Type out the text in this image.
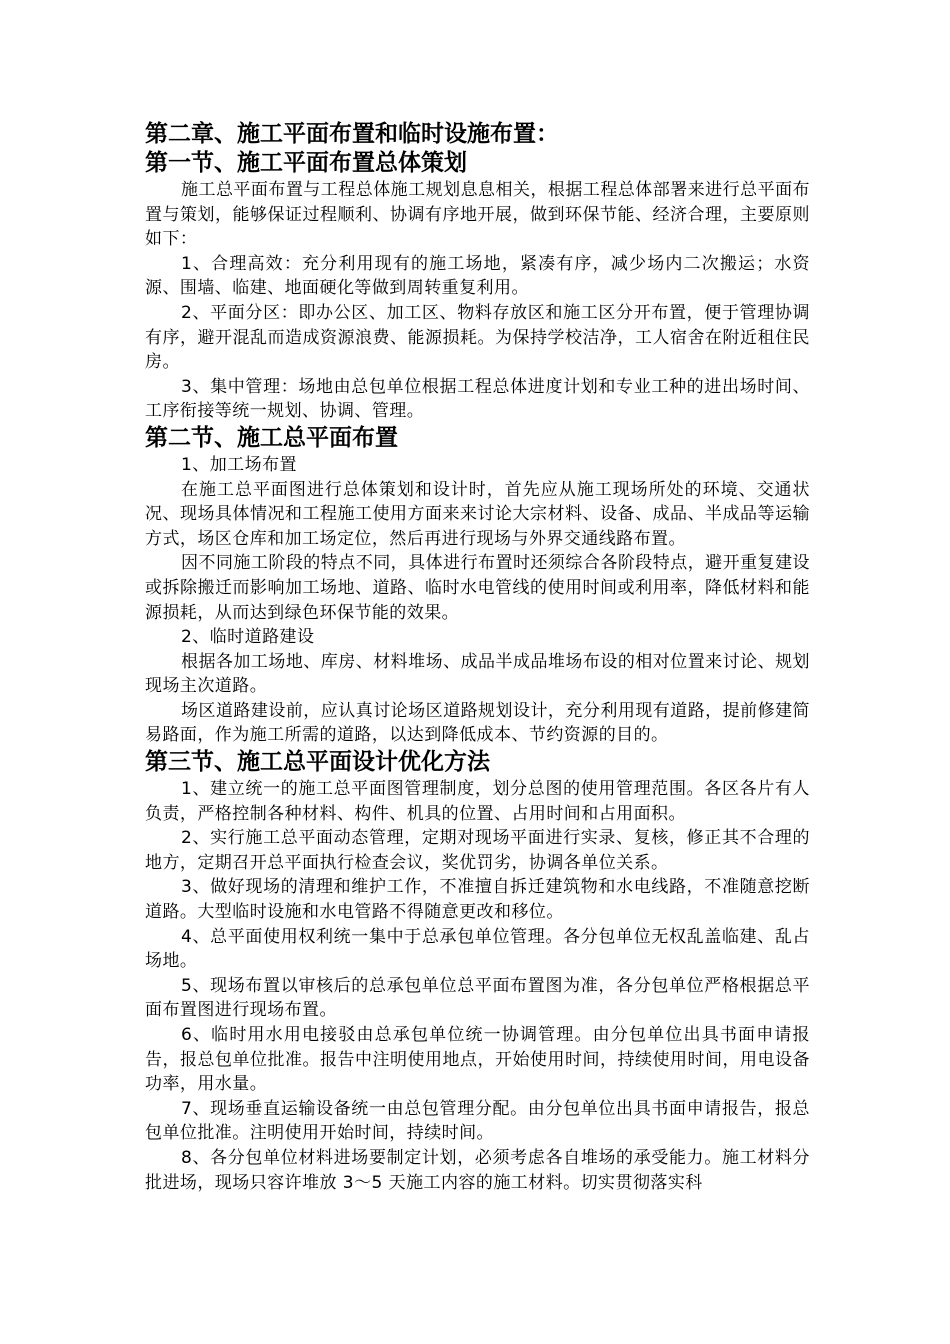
第二章、施工平面布置和临时设施布置：
第一节、施工平面布置总体策划

施工总平面布置与工程总体施工规划息息相关，根据工程总体部署来进行总平面布置与策划，能够保证过程顺利、协调有序地开展，做到环保节能、经济合理，主要原则如下：

1、合理高效：充分利用现有的施工场地，紧凑有序，减少场内二次搬运；水资源、围墙、临建、地面硬化等做到周转重复利用。

2、平面分区：即办公区、加工区、物料存放区和施工区分开布置，便于管理协调有序，避开混乱而造成资源浪费、能源损耗。为保持学校洁净，工人宿舍在附近租住民房。

3、集中管理：场地由总包单位根据工程总体进度计划和专业工种的进出场时间、工序衔接等统一规划、协调、管理。

第二节、施工总平面布置

1、加工场布置

在施工总平面图进行总体策划和设计时，首先应从施工现场所处的环境、交通状况、现场具体情况和工程施工使用方面来来讨论大宗材料、设备、成品、半成品等运输方式，场区仓库和加工场定位，然后再进行现场与外界交通线路布置。

因不同施工阶段的特点不同，具体进行布置时还须综合各阶段特点，避开重复建设或拆除搬迁而影响加工场地、道路、临时水电管线的使用时间或利用率，降低材料和能源损耗，从而达到绿色环保节能的效果。

2、临时道路建设

根据各加工场地、库房、材料堆场、成品半成品堆场布设的相对位置来讨论、规划现场主次道路。

场区道路建设前，应认真讨论场区道路规划设计，充分利用现有道路，提前修建简易路面，作为施工所需的道路，以达到降低成本、节约资源的目的。

第三节、施工总平面设计优化方法

1、建立统一的施工总平面图管理制度，划分总图的使用管理范围。各区各片有人负责，严格控制各种材料、构件、机具的位置、占用时间和占用面积。

2、实行施工总平面动态管理，定期对现场平面进行实录、复核，修正其不合理的地方，定期召开总平面执行检查会议，奖优罚劣，协调各单位关系。

3、做好现场的清理和维护工作，不准擅自拆迁建筑物和水电线路，不准随意挖断道路。大型临时设施和水电管路不得随意更改和移位。

4、总平面使用权利统一集中于总承包单位管理。各分包单位无权乱盖临建、乱占场地。

5、现场布置以审核后的总承包单位总平面布置图为准，各分包单位严格根据总平面布置图进行现场布置。

6、临时用水用电接驳由总承包单位统一协调管理。由分包单位出具书面申请报告，报总包单位批准。报告中注明使用地点，开始使用时间，持续使用时间，用电设备功率，用水量。

7、现场垂直运输设备统一由总包管理分配。由分包单位出具书面申请报告，报总包单位批准。注明使用开始时间，持续时间。

8、各分包单位材料进场要制定计划，必须考虑各自堆场的承受能力。施工材料分批进场，现场只容许堆放 3～5 天施工内容的施工材料。切实贯彻落实科
